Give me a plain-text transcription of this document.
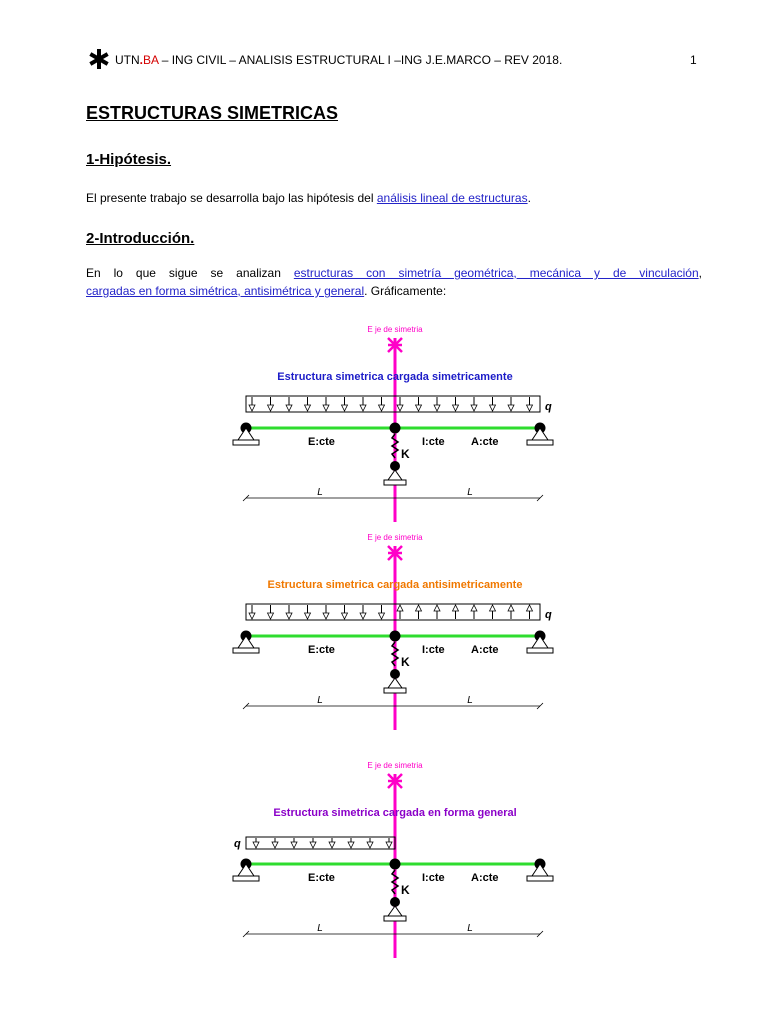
UTN.BA – ING CIVIL – ANALISIS ESTRUCTURAL I –ING J.E.MARCO – REV 2018.	1
ESTRUCTURAS SIMETRICAS
1-Hipótesis.

El presente trabajo se desarrolla bajo las hipótesis del análisis lineal de estructuras.

2-Introducción.

En lo que sigue se analizan estructuras con simetría geométrica, mecánica y de vinculación,

cargadas en forma simétrica, antisimétrica y general. Gráficamente:

E je de simetria
Estructura simetrica cargada simetricamente
q
K
E:cte	I:cte A:cte
L	L
E je de simetria
Estructura simetrica cargada antisimetricamente
q
K
E:cte	I:cte A:cte
L	L
E je de simetria
Estructura simetrica cargada en forma general
q
K
E:cte	I:cte A:cte
L	L
